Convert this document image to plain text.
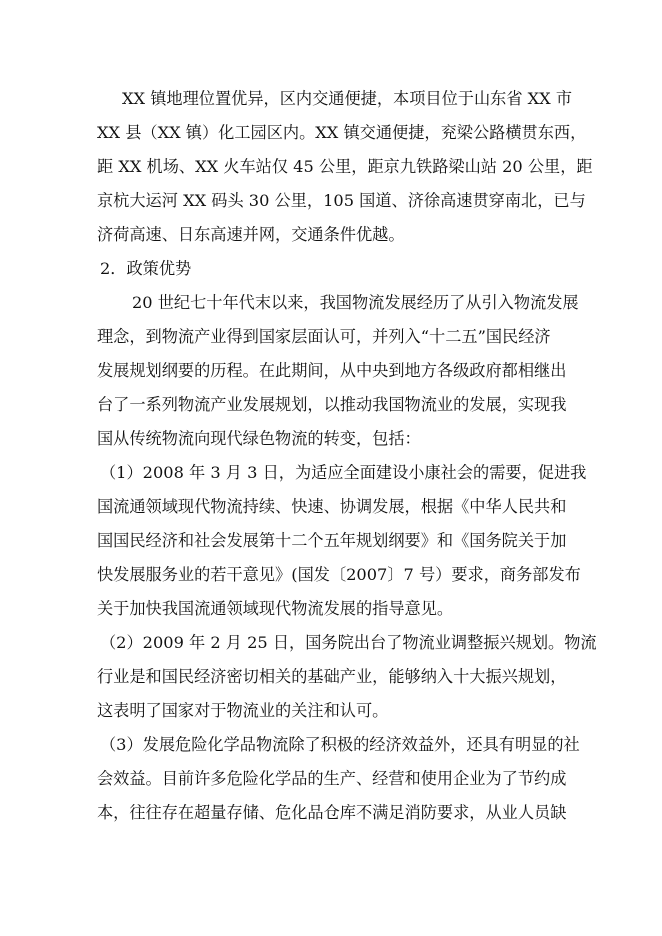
XX 镇地理位置优异，区内交通便捷，本项目位于山东省 XX 市
XX 县（XX 镇）化工园区内。XX 镇交通便捷，兖梁公路横贯东西，
距 XX 机场、XX 火车站仅 45 公里，距京九铁路梁山站 20 公里，距
京杭大运河 XX 码头 30 公里，105 国道、济徐高速贯穿南北，已与
济荷高速、日东高速并网，交通条件优越。
2．政策优势
20 世纪七十年代末以来，我国物流发展经历了从引入物流发展
理念，到物流产业得到国家层面认可，并列入“十二五”国民经济
发展规划纲要的历程。在此期间，从中央到地方各级政府都相继出
台了一系列物流产业发展规划，以推动我国物流业的发展，实现我
国从传统物流向现代绿色物流的转变，包括：
（1）2008 年 3 月 3 日，为适应全面建设小康社会的需要，促进我
国流通领域现代物流持续、快速、协调发展，根据《中华人民共和
国国民经济和社会发展第十二个五年规划纲要》和《国务院关于加
快发展服务业的若干意见》(国发〔2007〕7 号）要求，商务部发布
关于加快我国流通领域现代物流发展的指导意见。
（2）2009 年 2 月 25 日，国务院出台了物流业调整振兴规划。物流
行业是和国民经济密切相关的基础产业，能够纳入十大振兴规划，
这表明了国家对于物流业的关注和认可。
（3）发展危险化学品物流除了积极的经济效益外，还具有明显的社
会效益。目前许多危险化学品的生产、经营和使用企业为了节约成
本，往往存在超量存储、危化品仓库不满足消防要求，从业人员缺
